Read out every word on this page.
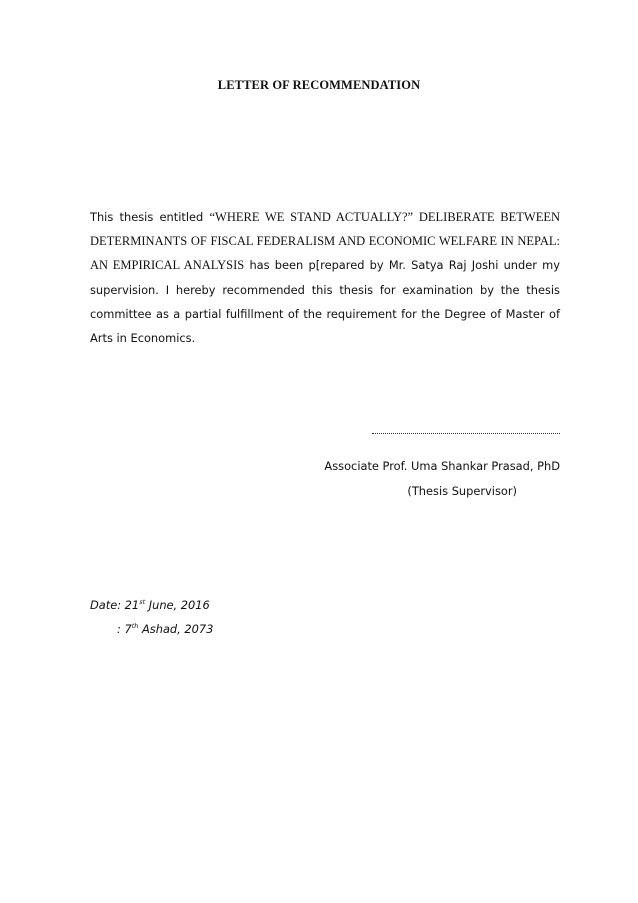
LETTER OF RECOMMENDATION
This thesis entitled “WHERE WE STAND ACTUALLY?” DELIBERATE BETWEEN DETERMINANTS OF FISCAL FEDERALISM AND ECONOMIC WELFARE IN NEPAL: AN EMPIRICAL ANALYSIS has been p[repared by Mr. Satya Raj Joshi under my supervision. I hereby recommended this thesis for examination by the thesis committee as a partial fulfillment of the requirement for the Degree of Master of Arts in Economics.
Associate Prof. Uma Shankar Prasad, PhD
(Thesis Supervisor)
Date: 21st June, 2016
: 7th Ashad, 2073
